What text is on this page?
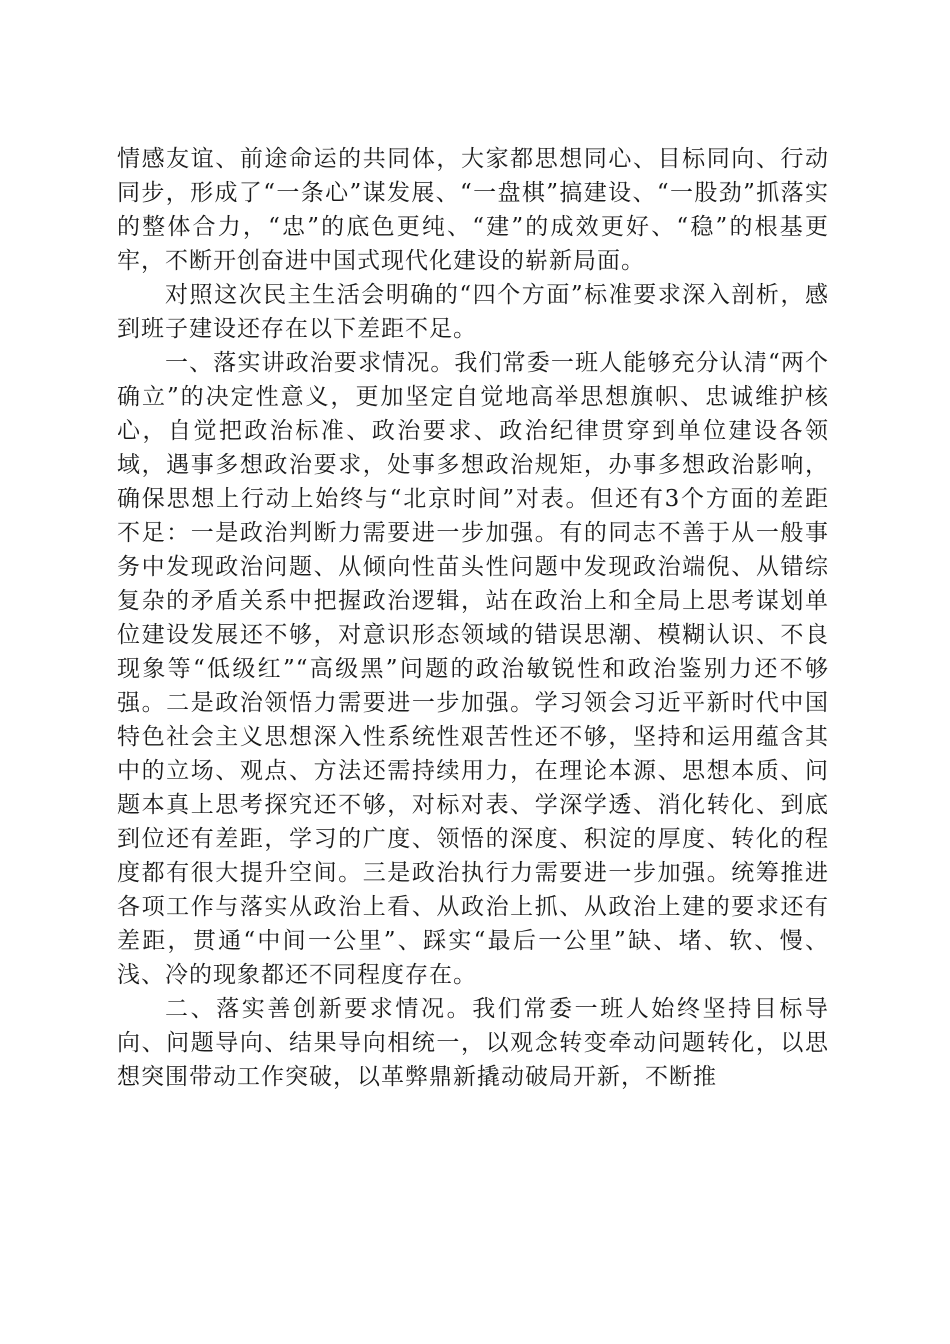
情感友谊、前途命运的共同体，大家都思想同心、目标同向、行动同步，形成了“一条心”谋发展、“一盘棋”搞建设、“一股劲”抓落实的整体合力，“忠”的底色更纯、“建”的成效更好、“稳”的根基更牢，不断开创奋进中国式现代化建设的崭新局面。

对照这次民主生活会明确的“四个方面”标准要求深入剖析，感到班子建设还存在以下差距不足。

一、落实讲政治要求情况。我们常委一班人能够充分认清“两个确立”的决定性意义，更加坚定自觉地高举思想旗帜、忠诚维护核心，自觉把政治标准、政治要求、政治纪律贯穿到单位建设各领域，遇事多想政治要求，处事多想政治规矩，办事多想政治影响，确保思想上行动上始终与“北京时间”对表。但还有3个方面的差距不足：一是政治判断力需要进一步加强。有的同志不善于从一般事务中发现政治问题、从倾向性苗头性问题中发现政治端倪、从错综复杂的矛盾关系中把握政治逻辑，站在政治上和全局上思考谋划单位建设发展还不够，对意识形态领域的错误思潮、模糊认识、不良现象等“低级红”“高级黑”问题的政治敏锐性和政治鉴别力还不够强。二是政治领悟力需要进一步加强。学习领会习近平新时代中国特色社会主义思想深入性系统性艰苦性还不够，坚持和运用蕴含其中的立场、观点、方法还需持续用力，在理论本源、思想本质、问题本真上思考探究还不够，对标对表、学深学透、消化转化、到底到位还有差距，学习的广度、领悟的深度、积淀的厚度、转化的程度都有很大提升空间。三是政治执行力需要进一步加强。统筹推进各项工作与落实从政治上看、从政治上抓、从政治上建的要求还有差距，贯通“中间一公里”、踩实“最后一公里”缺、堵、软、慢、浅、冷的现象都还不同程度存在。

二、落实善创新要求情况。我们常委一班人始终坚持目标导向、问题导向、结果导向相统一，以观念转变牵动问题转化，以思想突围带动工作突破，以革弊鼎新撬动破局开新，不断推
